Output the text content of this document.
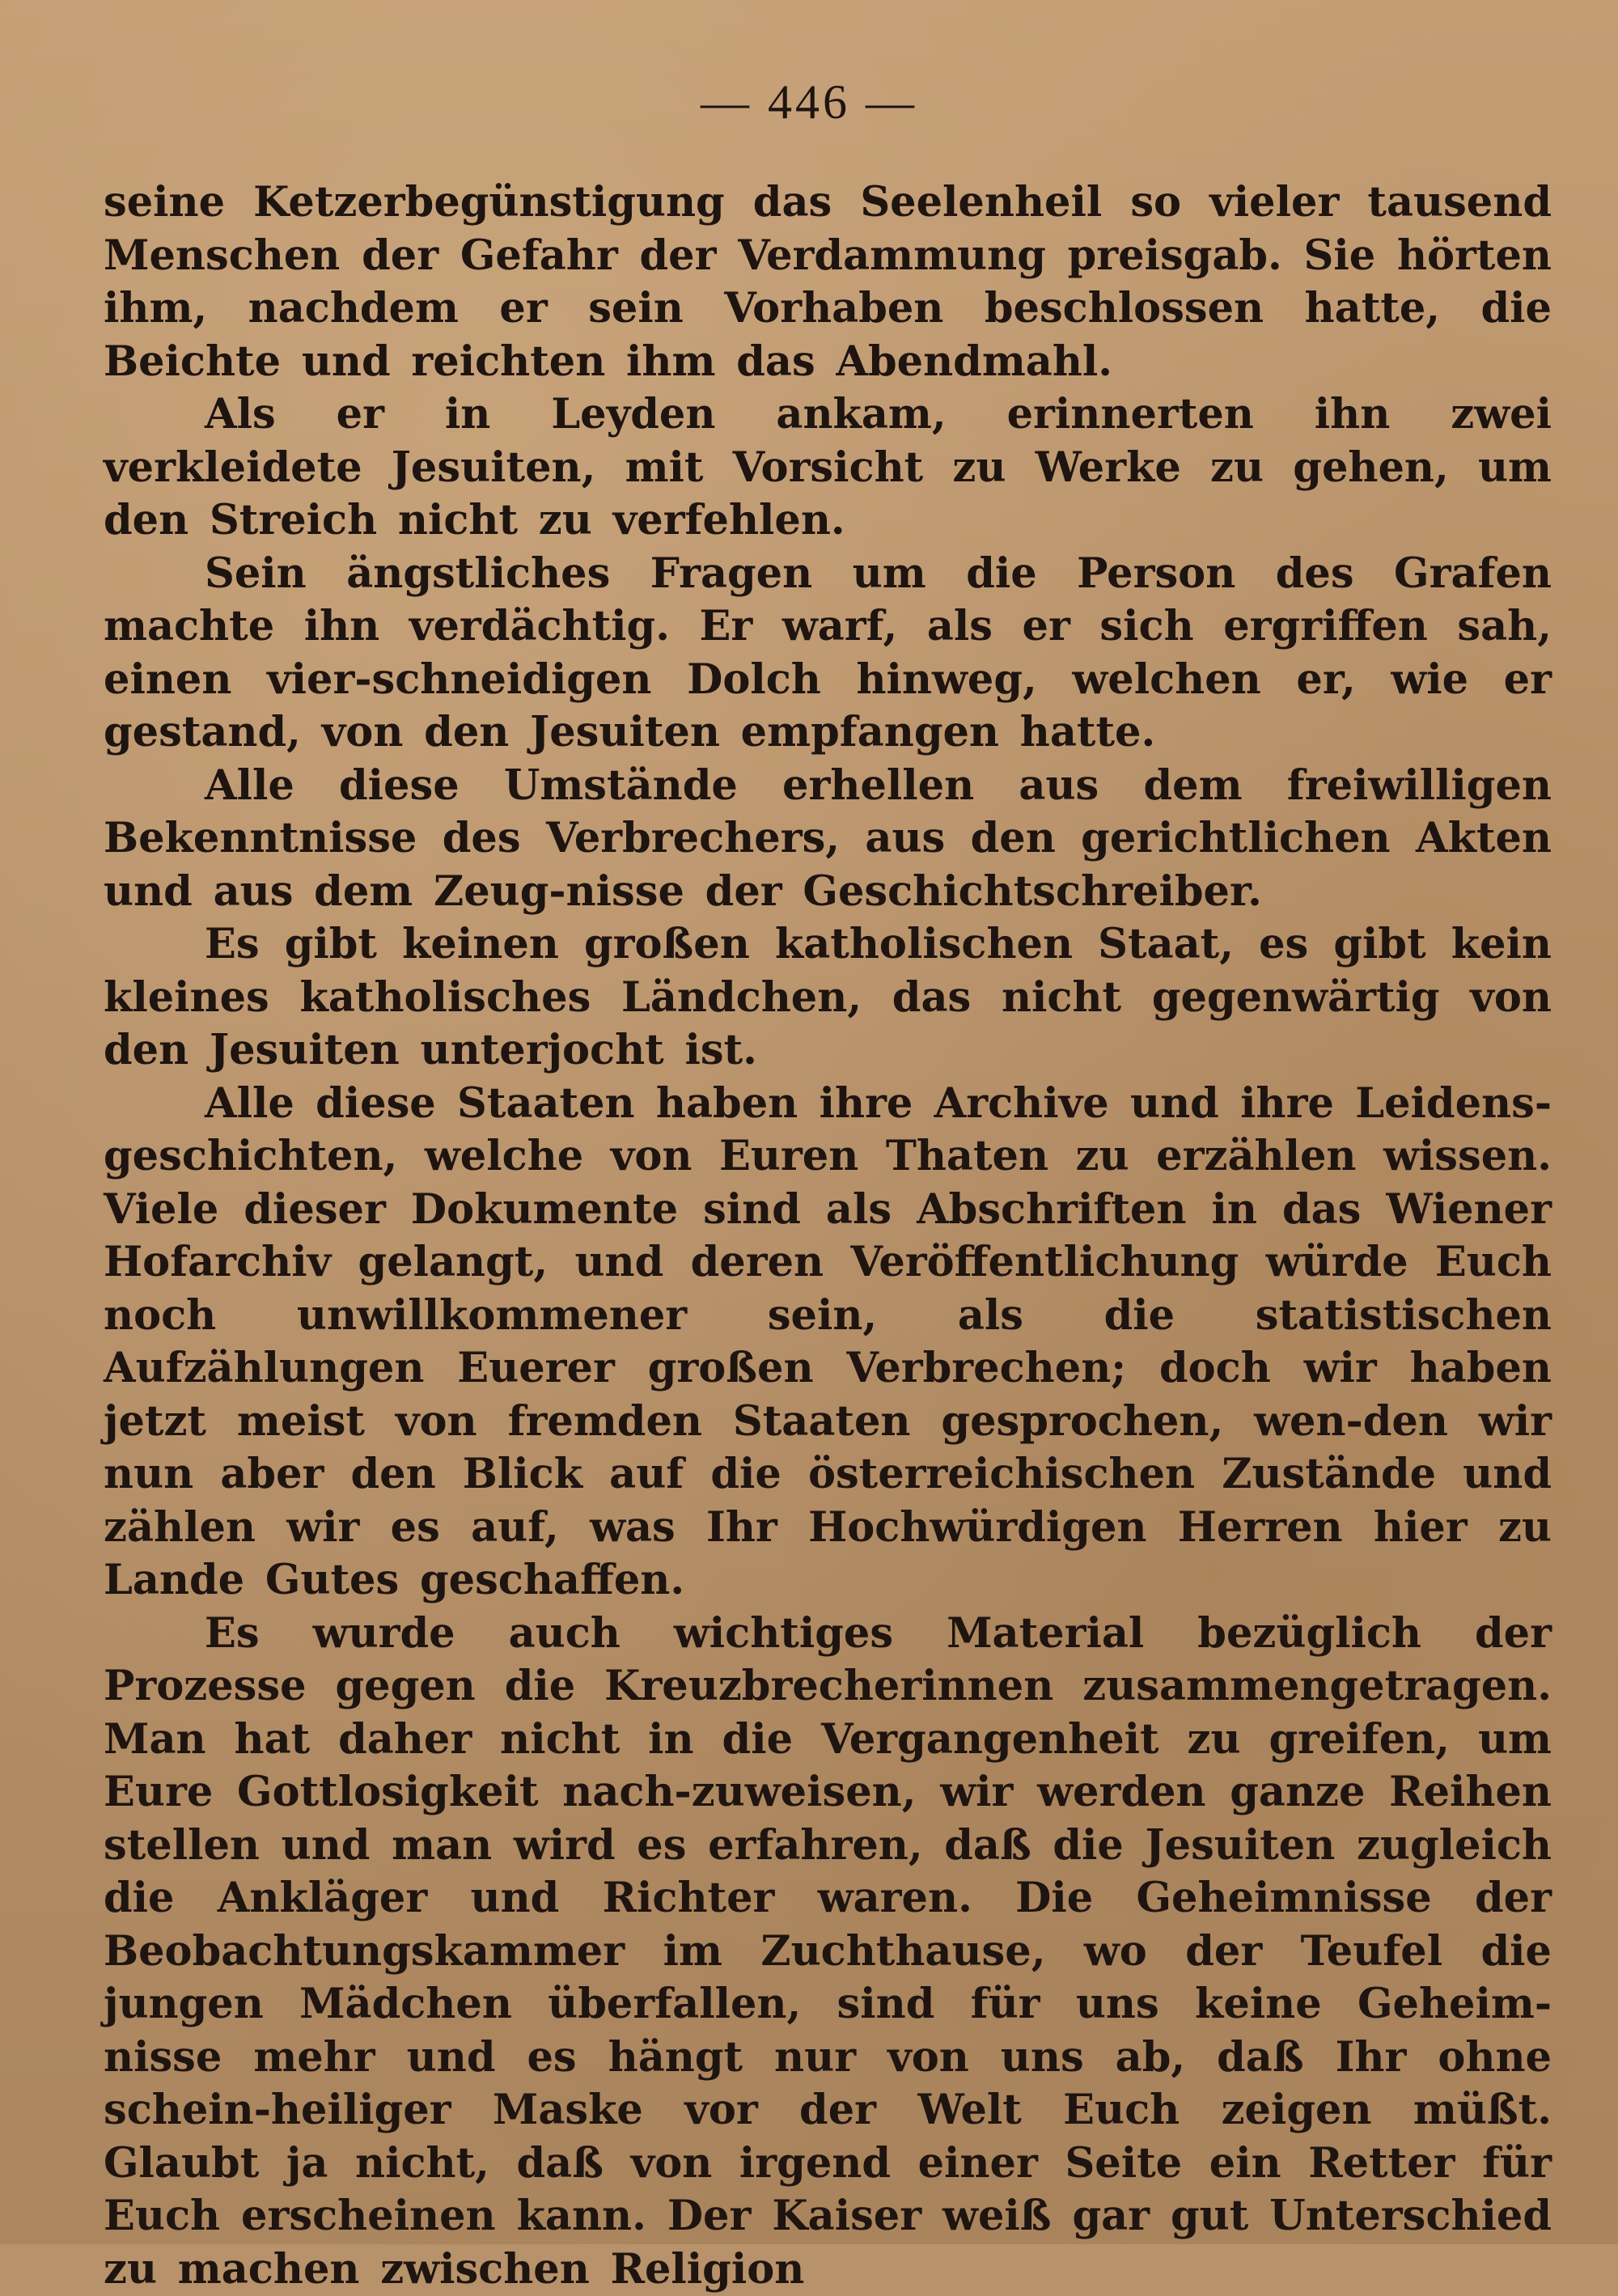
— 446 —

seine Ketzerbegünstigung das Seelenheil so vieler tausend Menschen der Gefahr der Verdammung preisgab. Sie hörten ihm, nachdem er sein Vorhaben beschlossen hatte, die Beichte und reichten ihm das Abendmahl.

Als er in Leyden ankam, erinnerten ihn zwei verkleidete Jesuiten, mit Vorsicht zu Werke zu gehen, um den Streich nicht zu verfehlen.

Sein ängstliches Fragen um die Person des Grafen machte ihn verdächtig. Er warf, als er sich ergriffen sah, einen vier-schneidigen Dolch hinweg, welchen er, wie er gestand, von den Jesuiten empfangen hatte.

Alle diese Umstände erhellen aus dem freiwilligen Bekenntnisse des Verbrechers, aus den gerichtlichen Akten und aus dem Zeug-nisse der Geschichtschreiber.

Es gibt keinen großen katholischen Staat, es gibt kein kleines katholisches Ländchen, das nicht gegenwärtig von den Jesuiten unterjocht ist.

Alle diese Staaten haben ihre Archive und ihre Leidens-geschichten, welche von Euren Thaten zu erzählen wissen. Viele dieser Dokumente sind als Abschriften in das Wiener Hofarchiv gelangt, und deren Veröffentlichung würde Euch noch unwillkommener sein, als die statistischen Aufzählungen Euerer großen Verbrechen; doch wir haben jetzt meist von fremden Staaten gesprochen, wen-den wir nun aber den Blick auf die österreichischen Zustände und zählen wir es auf, was Ihr Hochwürdigen Herren hier zu Lande Gutes geschaffen.

Es wurde auch wichtiges Material bezüglich der Prozesse gegen die Kreuzbrecherinnen zusammengetragen. Man hat daher nicht in die Vergangenheit zu greifen, um Eure Gottlosigkeit nach-zuweisen, wir werden ganze Reihen stellen und man wird es erfahren, daß die Jesuiten zugleich die Ankläger und Richter waren. Die Geheimnisse der Beobachtungskammer im Zuchthause, wo der Teufel die jungen Mädchen überfallen, sind für uns keine Geheim-nisse mehr und es hängt nur von uns ab, daß Ihr ohne schein-heiliger Maske vor der Welt Euch zeigen müßt. Glaubt ja nicht, daß von irgend einer Seite ein Retter für Euch erscheinen kann. Der Kaiser weiß gar gut Unterschied zu machen zwischen Religion
